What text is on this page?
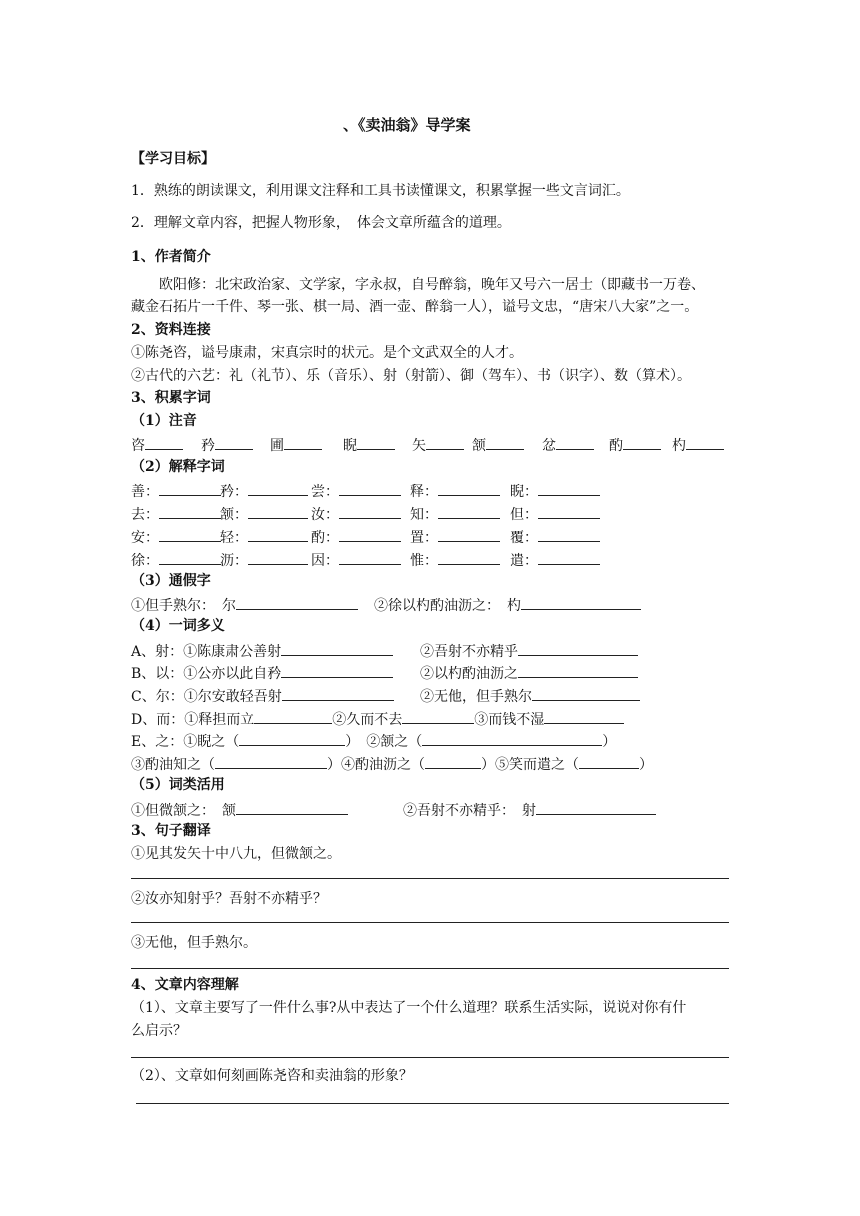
、《卖油翁》导学案
【学习目标】
1．熟练的朗读课文，利用课文注释和工具书读懂课文，积累掌握一些文言词汇。
2．理解文章内容，把握人物形象，　体会文章所蕴含的道理。
1、作者简介
　　欧阳修：北宋政治家、文学家，字永叔，自号醉翁，晚年又号六一居士（即藏书一万卷、
藏金石拓片一千件、琴一张、棋一局、酒一壶、醉翁一人），谥号文忠，“唐宋八大家”之一。
2、资料连接
①陈尧咨，谥号康肃，宋真宗时的状元。是个文武双全的人才。
②古代的六艺：礼（礼节）、乐（音乐）、射（射箭）、御（驾车）、书（识字）、数（算术）。
3、积累字词
（1）注音
咨	矜	圃	睨	矢	颔	忿	酌	杓
（2）解释字词
善：	矜：	尝：	释：	睨：
去：	颔：	汝：	知：	但：
安：	轻：	酌：	置：	覆：
徐：	沥：	因：	惟：	遣：
（3）通假字
①但手熟尔：　尔	②徐以杓酌油沥之：　杓
（4）一词多义
A、射：①陈康肃公善射	②吾射不亦精乎
B、以：①公亦以此自矜	②以杓酌油沥之
C、尔：①尔安敢轻吾射	②无他，但手熟尔
D、而：①释担而立	②久而不去	③而钱不湿
E、之：①睨之（	）　②颔之（	）
③酌油知之（	）④酌油沥之（	）⑤笑而遣之（	）
（5）词类活用
①但微颔之：　颔	②吾射不亦精乎：　射
3、句子翻译
①见其发矢十中八九，但微颔之。
②汝亦知射乎？吾射不亦精乎？
③无他，但手熟尔。
4、文章内容理解
（1）、文章主要写了一件什么事?从中表达了一个什么道理？联系生活实际，说说对你有什
么启示？
（2）、文章如何刻画陈尧咨和卖油翁的形象？
